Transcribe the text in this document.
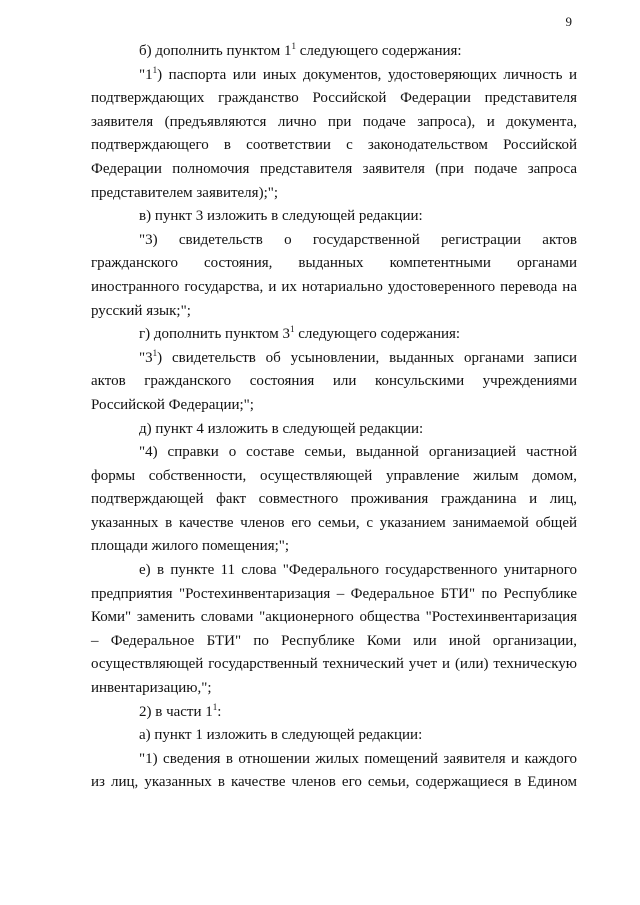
9

б) дополнить пунктом $1^1$ следующего содержания:

"$1^1$) паспорта или иных документов, удостоверяющих личность и подтверждающих гражданство Российской Федерации представителя заявителя (предъявляются лично при подаче запроса), и документа, подтверждающего в соответствии с законодательством Российской Федерации полномочия представителя заявителя (при подаче запроса представителем заявителя);";

в) пункт 3 изложить в следующей редакции:

"3) свидетельств о государственной регистрации актов гражданского состояния, выданных компетентными органами иностранного государства, и их нотариально удостоверенного перевода на русский язык;";

г) дополнить пунктом $3^1$ следующего содержания:

"$3^1$) свидетельств об усыновлении, выданных органами записи актов гражданского состояния или консульскими учреждениями Российской Федерации;";

д) пункт 4 изложить в следующей редакции:

"4) справки о составе семьи, выданной организацией частной формы собственности, осуществляющей управление жилым домом, подтверждающей факт совместного проживания гражданина и лиц, указанных в качестве членов его семьи, с указанием занимаемой общей площади жилого помещения;";

е) в пункте 11 слова "Федерального государственного унитарного предприятия "Ростехинвентаризация – Федеральное БТИ" по Республике Коми" заменить словами "акционерного общества "Ростехинвентаризация – Федеральное БТИ" по Республике Коми или иной организации, осуществляющей государственный технический учет и (или) техническую инвентаризацию,";

2) в части $1^1$:

а) пункт 1 изложить в следующей редакции:

"1) сведения в отношении жилых помещений заявителя и каждого из лиц, указанных в качестве членов его семьи, содержащиеся в Едином
